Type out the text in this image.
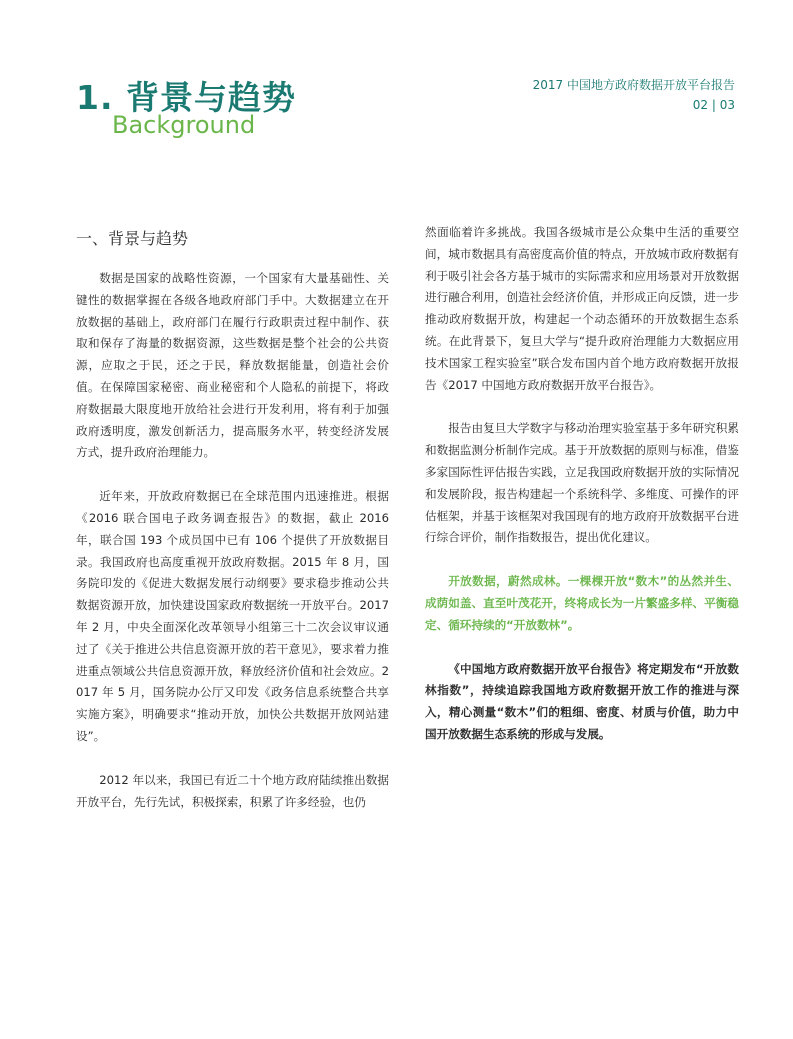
1. 背景与趋势
Background
2017 中国地方政府数据开放平台报告
02 | 03
一、背景与趋势

数据是国家的战略性资源，一个国家有大量基础性、关键性的数据掌握在各级各地政府部门手中。大数据建立在开放数据的基础上，政府部门在履行行政职责过程中制作、获取和保存了海量的数据资源，这些数据是整个社会的公共资源，应取之于民，还之于民，释放数据能量，创造社会价值。在保障国家秘密、商业秘密和个人隐私的前提下，将政府数据最大限度地开放给社会进行开发利用，将有利于加强政府透明度，激发创新活力，提高服务水平，转变经济发展方式，提升政府治理能力。

近年来，开放政府数据已在全球范围内迅速推进。根据《2016 联合国电子政务调查报告》的数据，截止 2016 年，联合国 193 个成员国中已有 106 个提供了开放数据目录。我国政府也高度重视开放政府数据。2015 年 8 月，国务院印发的《促进大数据发展行动纲要》要求稳步推动公共数据资源开放，加快建设国家政府数据统一开放平台。2017 年 2 月，中央全面深化改革领导小组第三十二次会议审议通过了《关于推进公共信息资源开放的若干意见》，要求着力推进重点领域公共信息资源开放，释放经济价值和社会效应。2017 年 5 月，国务院办公厅又印发《政务信息系统整合共享实施方案》，明确要求“推动开放，加快公共数据开放网站建设”。

2012 年以来，我国已有近二十个地方政府陆续推出数据开放平台，先行先试，积极探索，积累了许多经验，也仍

然面临着许多挑战。我国各级城市是公众集中生活的重要空间，城市数据具有高密度高价值的特点，开放城市政府数据有利于吸引社会各方基于城市的实际需求和应用场景对开放数据进行融合利用，创造社会经济价值，并形成正向反馈，进一步推动政府数据开放，构建起一个动态循环的开放数据生态系统。在此背景下，复旦大学与“提升政府治理能力大数据应用技术国家工程实验室”联合发布国内首个地方政府数据开放报告《2017 中国地方政府数据开放平台报告》。

报告由复旦大学数字与移动治理实验室基于多年研究积累和数据监测分析制作完成。基于开放数据的原则与标准，借鉴多家国际性评估报告实践，立足我国政府数据开放的实际情况和发展阶段，报告构建起一个系统科学、多维度、可操作的评估框架，并基于该框架对我国现有的地方政府开放数据平台进行综合评价，制作指数报告，提出优化建议。

开放数据，蔚然成林。一棵棵开放“数木”的丛然并生、成荫如盖、直至叶茂花开，终将成长为一片繁盛多样、平衡稳定、循环持续的“开放数林”。

《中国地方政府数据开放平台报告》将定期发布“开放数林指数”，持续追踪我国地方政府数据开放工作的推进与深入，精心测量“数木”们的粗细、密度、材质与价值，助力中国开放数据生态系统的形成与发展。
